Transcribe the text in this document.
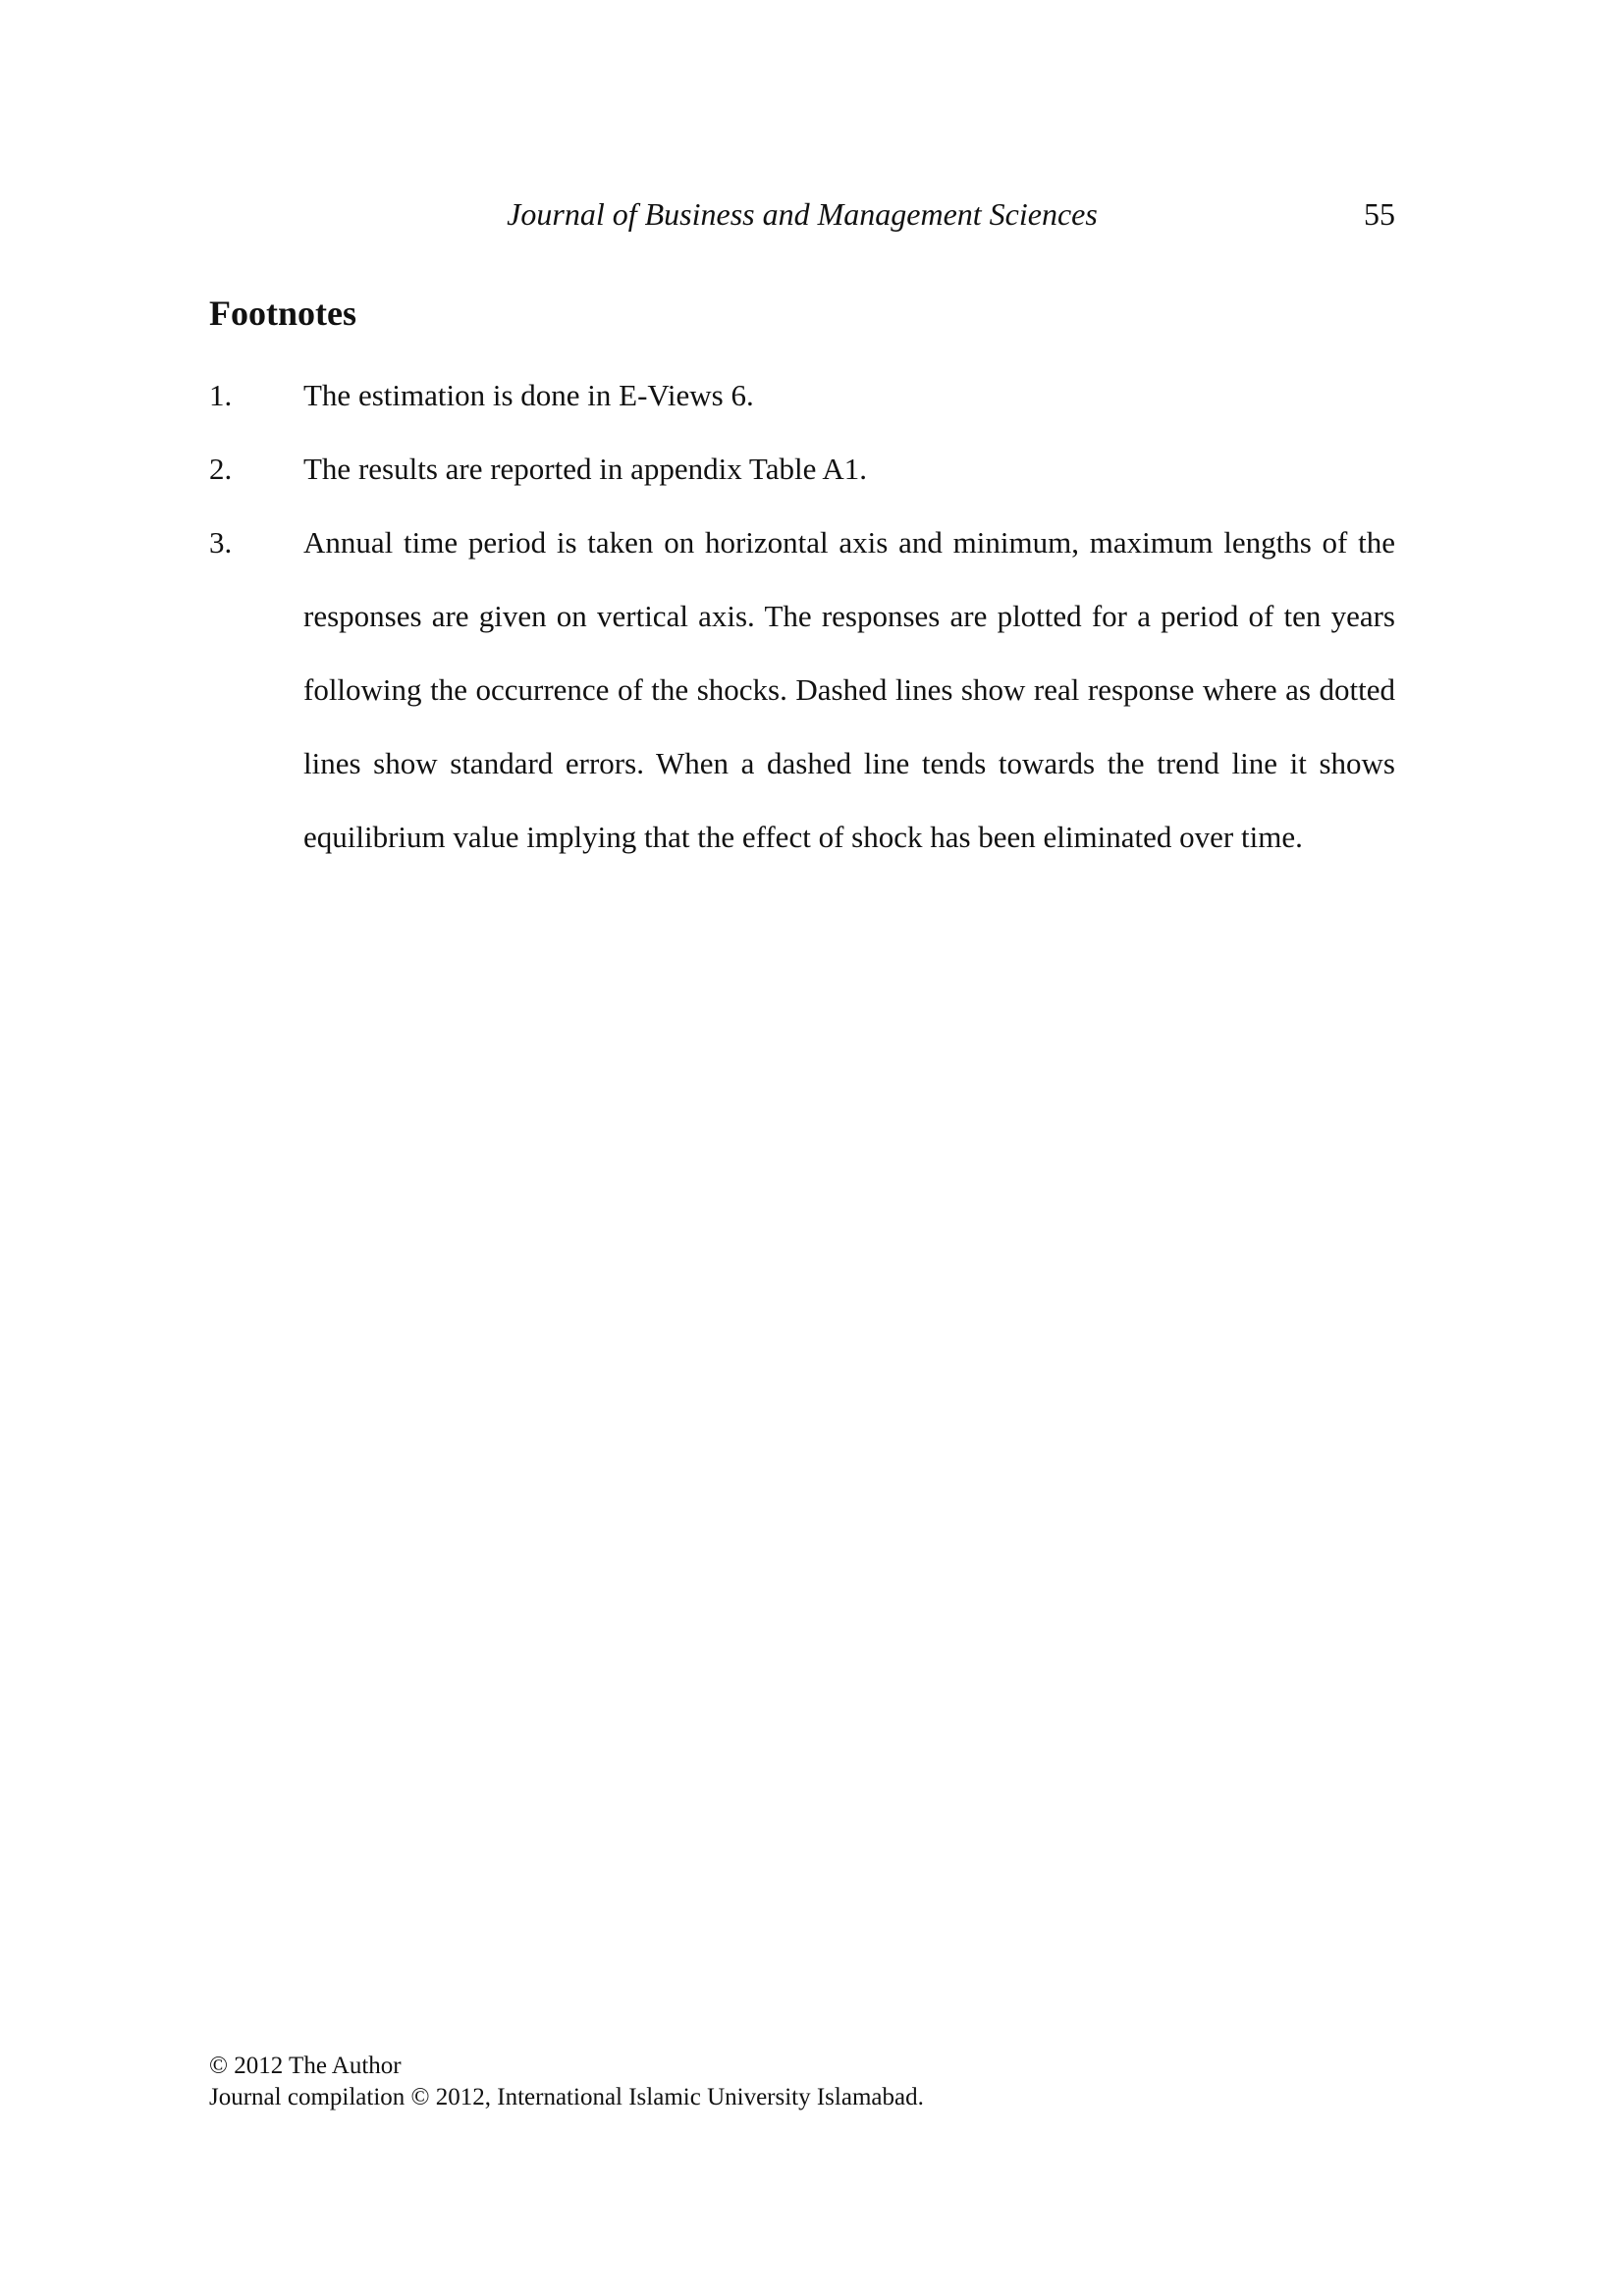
Journal of Business and Management Sciences	55
Footnotes
1. The estimation is done in E-Views 6.
2. The results are reported in appendix Table A1.
3. Annual time period is taken on horizontal axis and minimum, maximum lengths of the responses are given on vertical axis. The responses are plotted for a period of ten years following the occurrence of the shocks. Dashed lines show real response where as dotted lines show standard errors. When a dashed line tends towards the trend line it shows equilibrium value implying that the effect of shock has been eliminated over time.
© 2012 The Author
Journal compilation © 2012, International Islamic University Islamabad.
